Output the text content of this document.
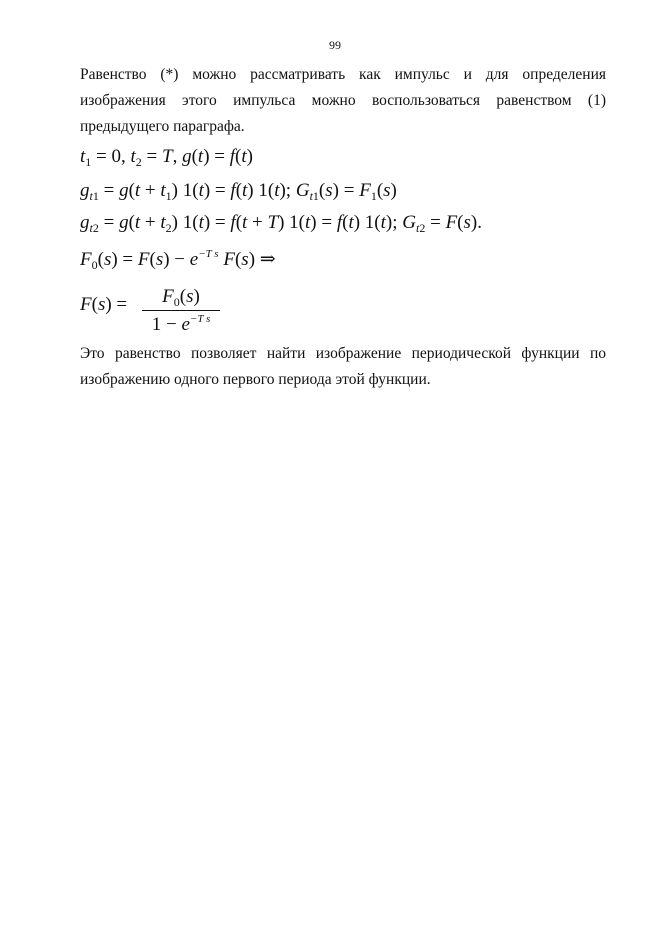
99
Равенство (*) можно рассматривать как импульс и для определения изображения этого импульса можно воспользоваться равенством (1) предыдущего параграфа.
$t_1 = 0$, $t_2 = T$, g(t) = f(t)
$g_{t1} = g(t + t_1) 1(t) = f(t)$ 1(t); $G_{t1}(s) = F_1(s)$
$g_{t2} = g(t + t_2) 1(t) = f(t + T) 1(t) = f(t)$ 1(t); $G_{t2} = F(s)$.
$F_0(s) = F(s) - e^{-T s}$ F(s) ⇒
F(s) =	$F_0(s)$
$1 - e^{-T s}$
Это равенство позволяет найти изображение периодической функции по изображению одного первого периода этой функции.
